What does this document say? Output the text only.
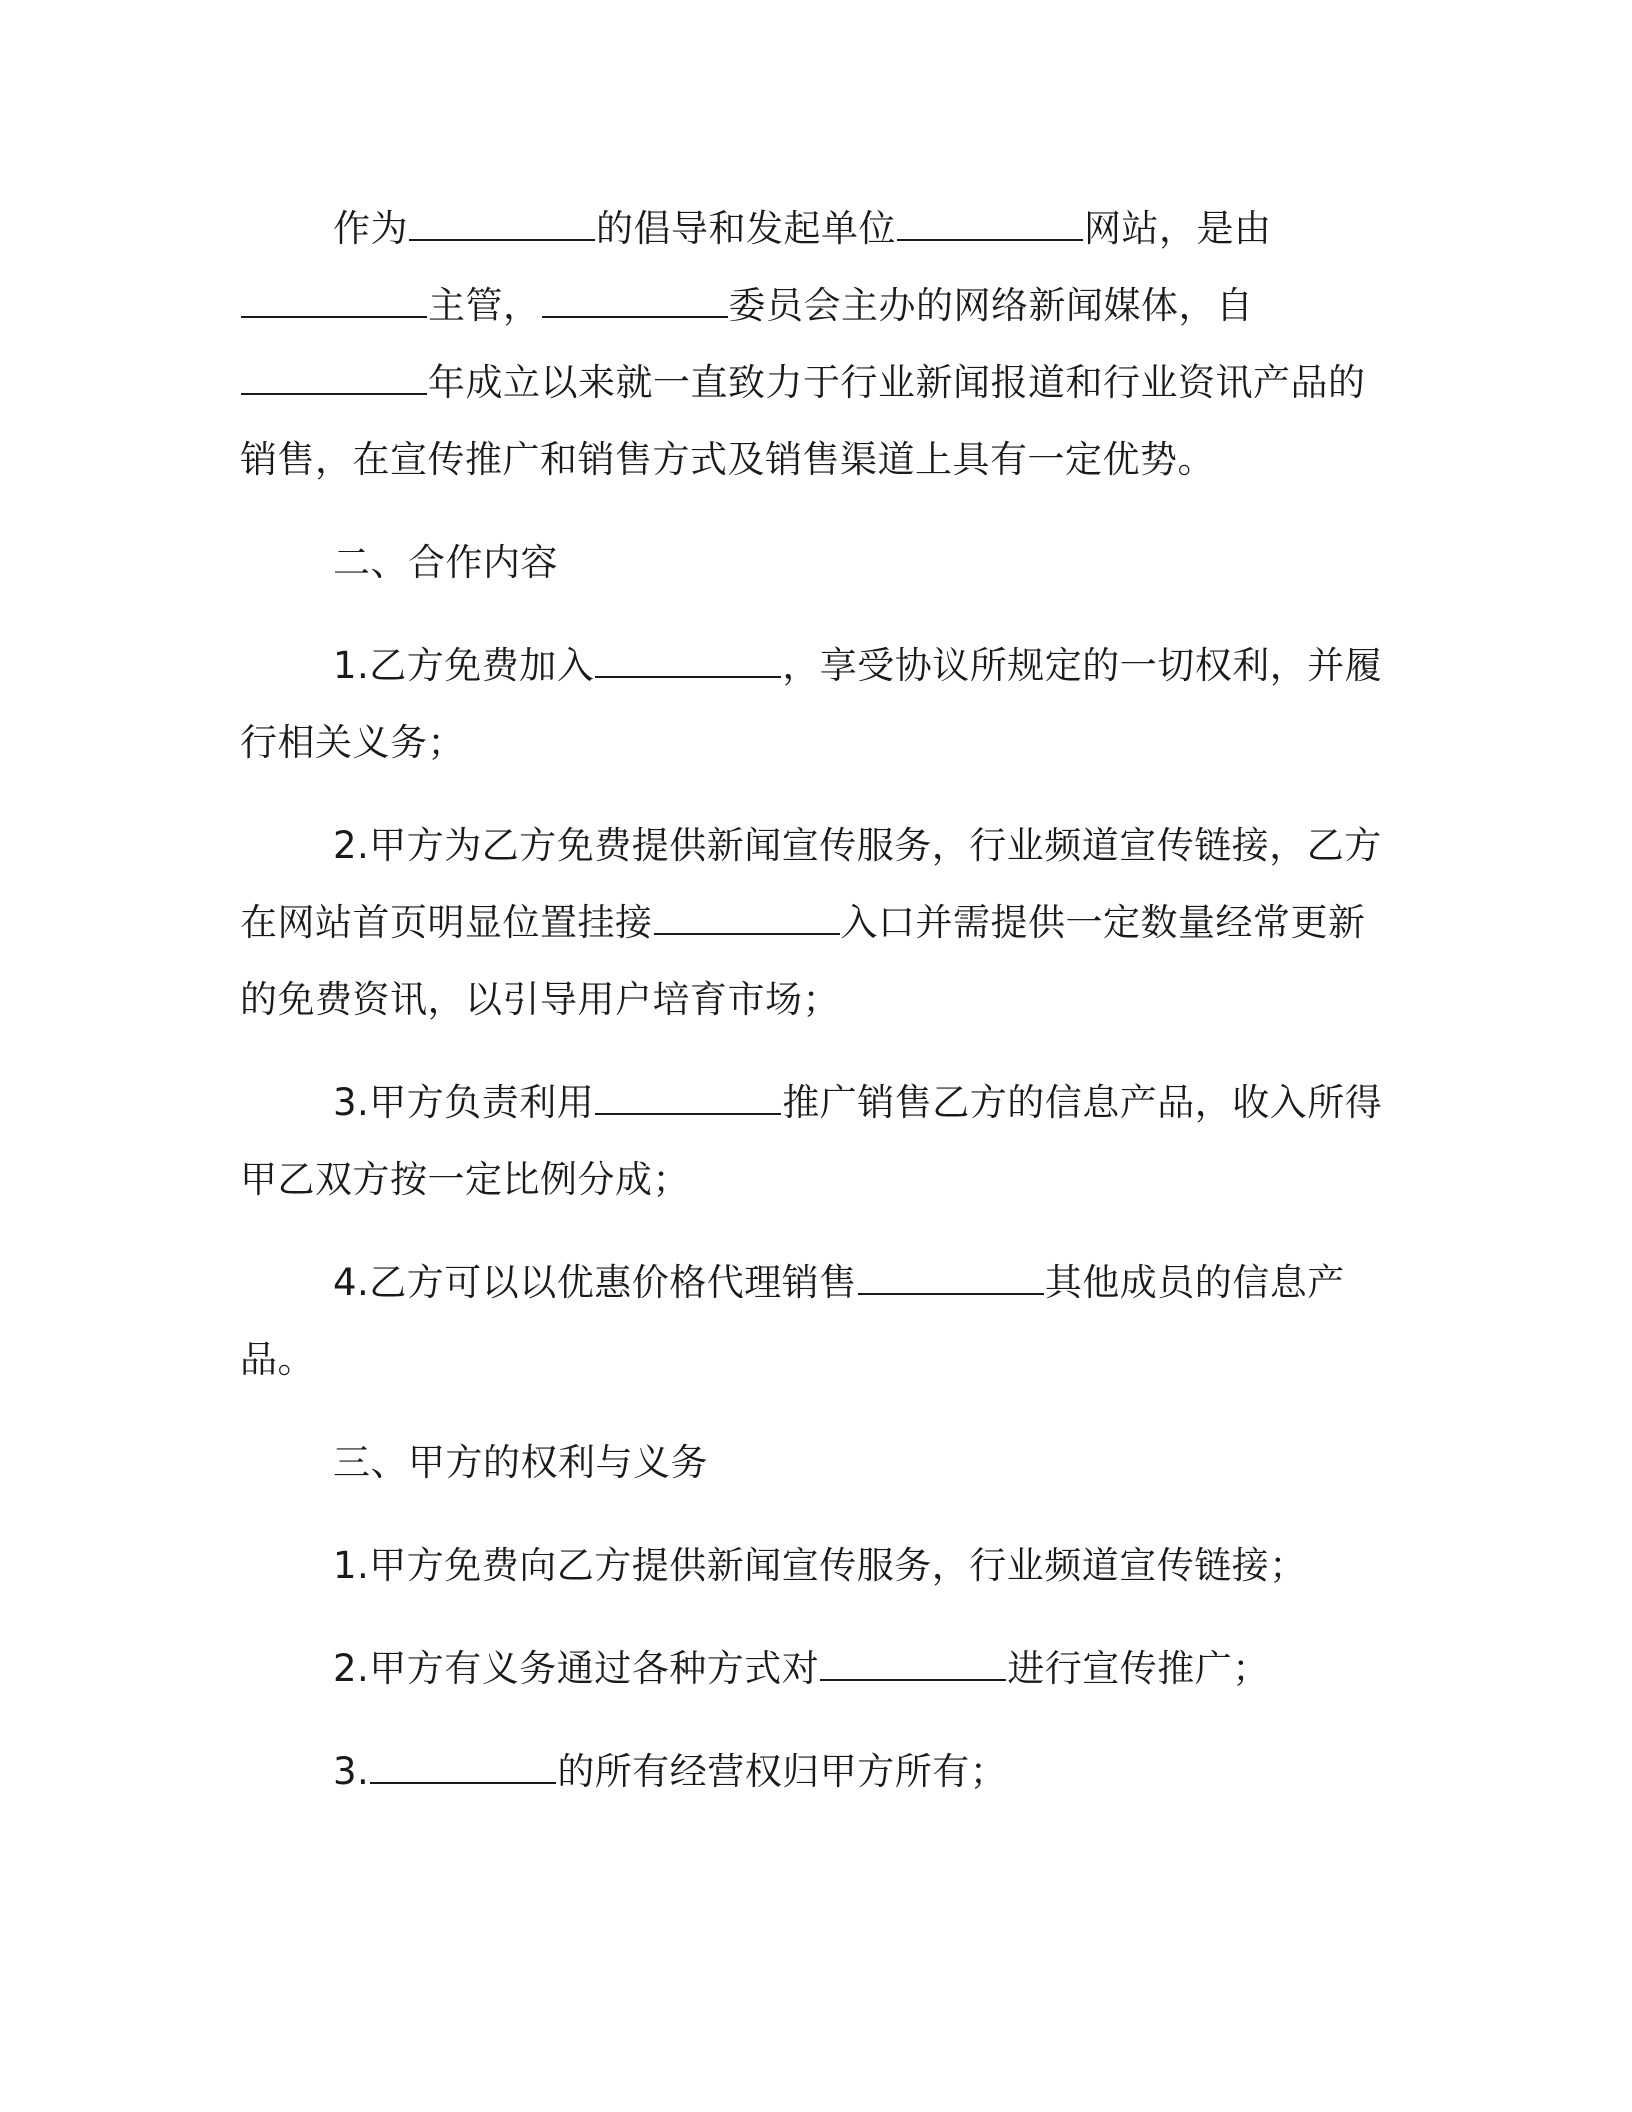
作为	的倡导和发起单位	网站，是由主管，	委员会主办的网络新闻媒体，自年成立以来就一直致力于行业新闻报道和行业资讯产品的销售，在宣传推广和销售方式及销售渠道上具有一定优势。

二、合作内容

1.乙方免费加入	，享受协议所规定的一切权利，并履行相关义务；

2.甲方为乙方免费提供新闻宣传服务，行业频道宣传链接，乙方在网站首页明显位置挂接	入口并需提供一定数量经常更新的免费资讯，以引导用户培育市场；

3.甲方负责利用	推广销售乙方的信息产品，收入所得甲乙双方按一定比例分成；

4.乙方可以以优惠价格代理销售	其他成员的信息产品。

三、甲方的权利与义务

1.甲方免费向乙方提供新闻宣传服务，行业频道宣传链接；

2.甲方有义务通过各种方式对	进行宣传推广；

3.	的所有经营权归甲方所有；
